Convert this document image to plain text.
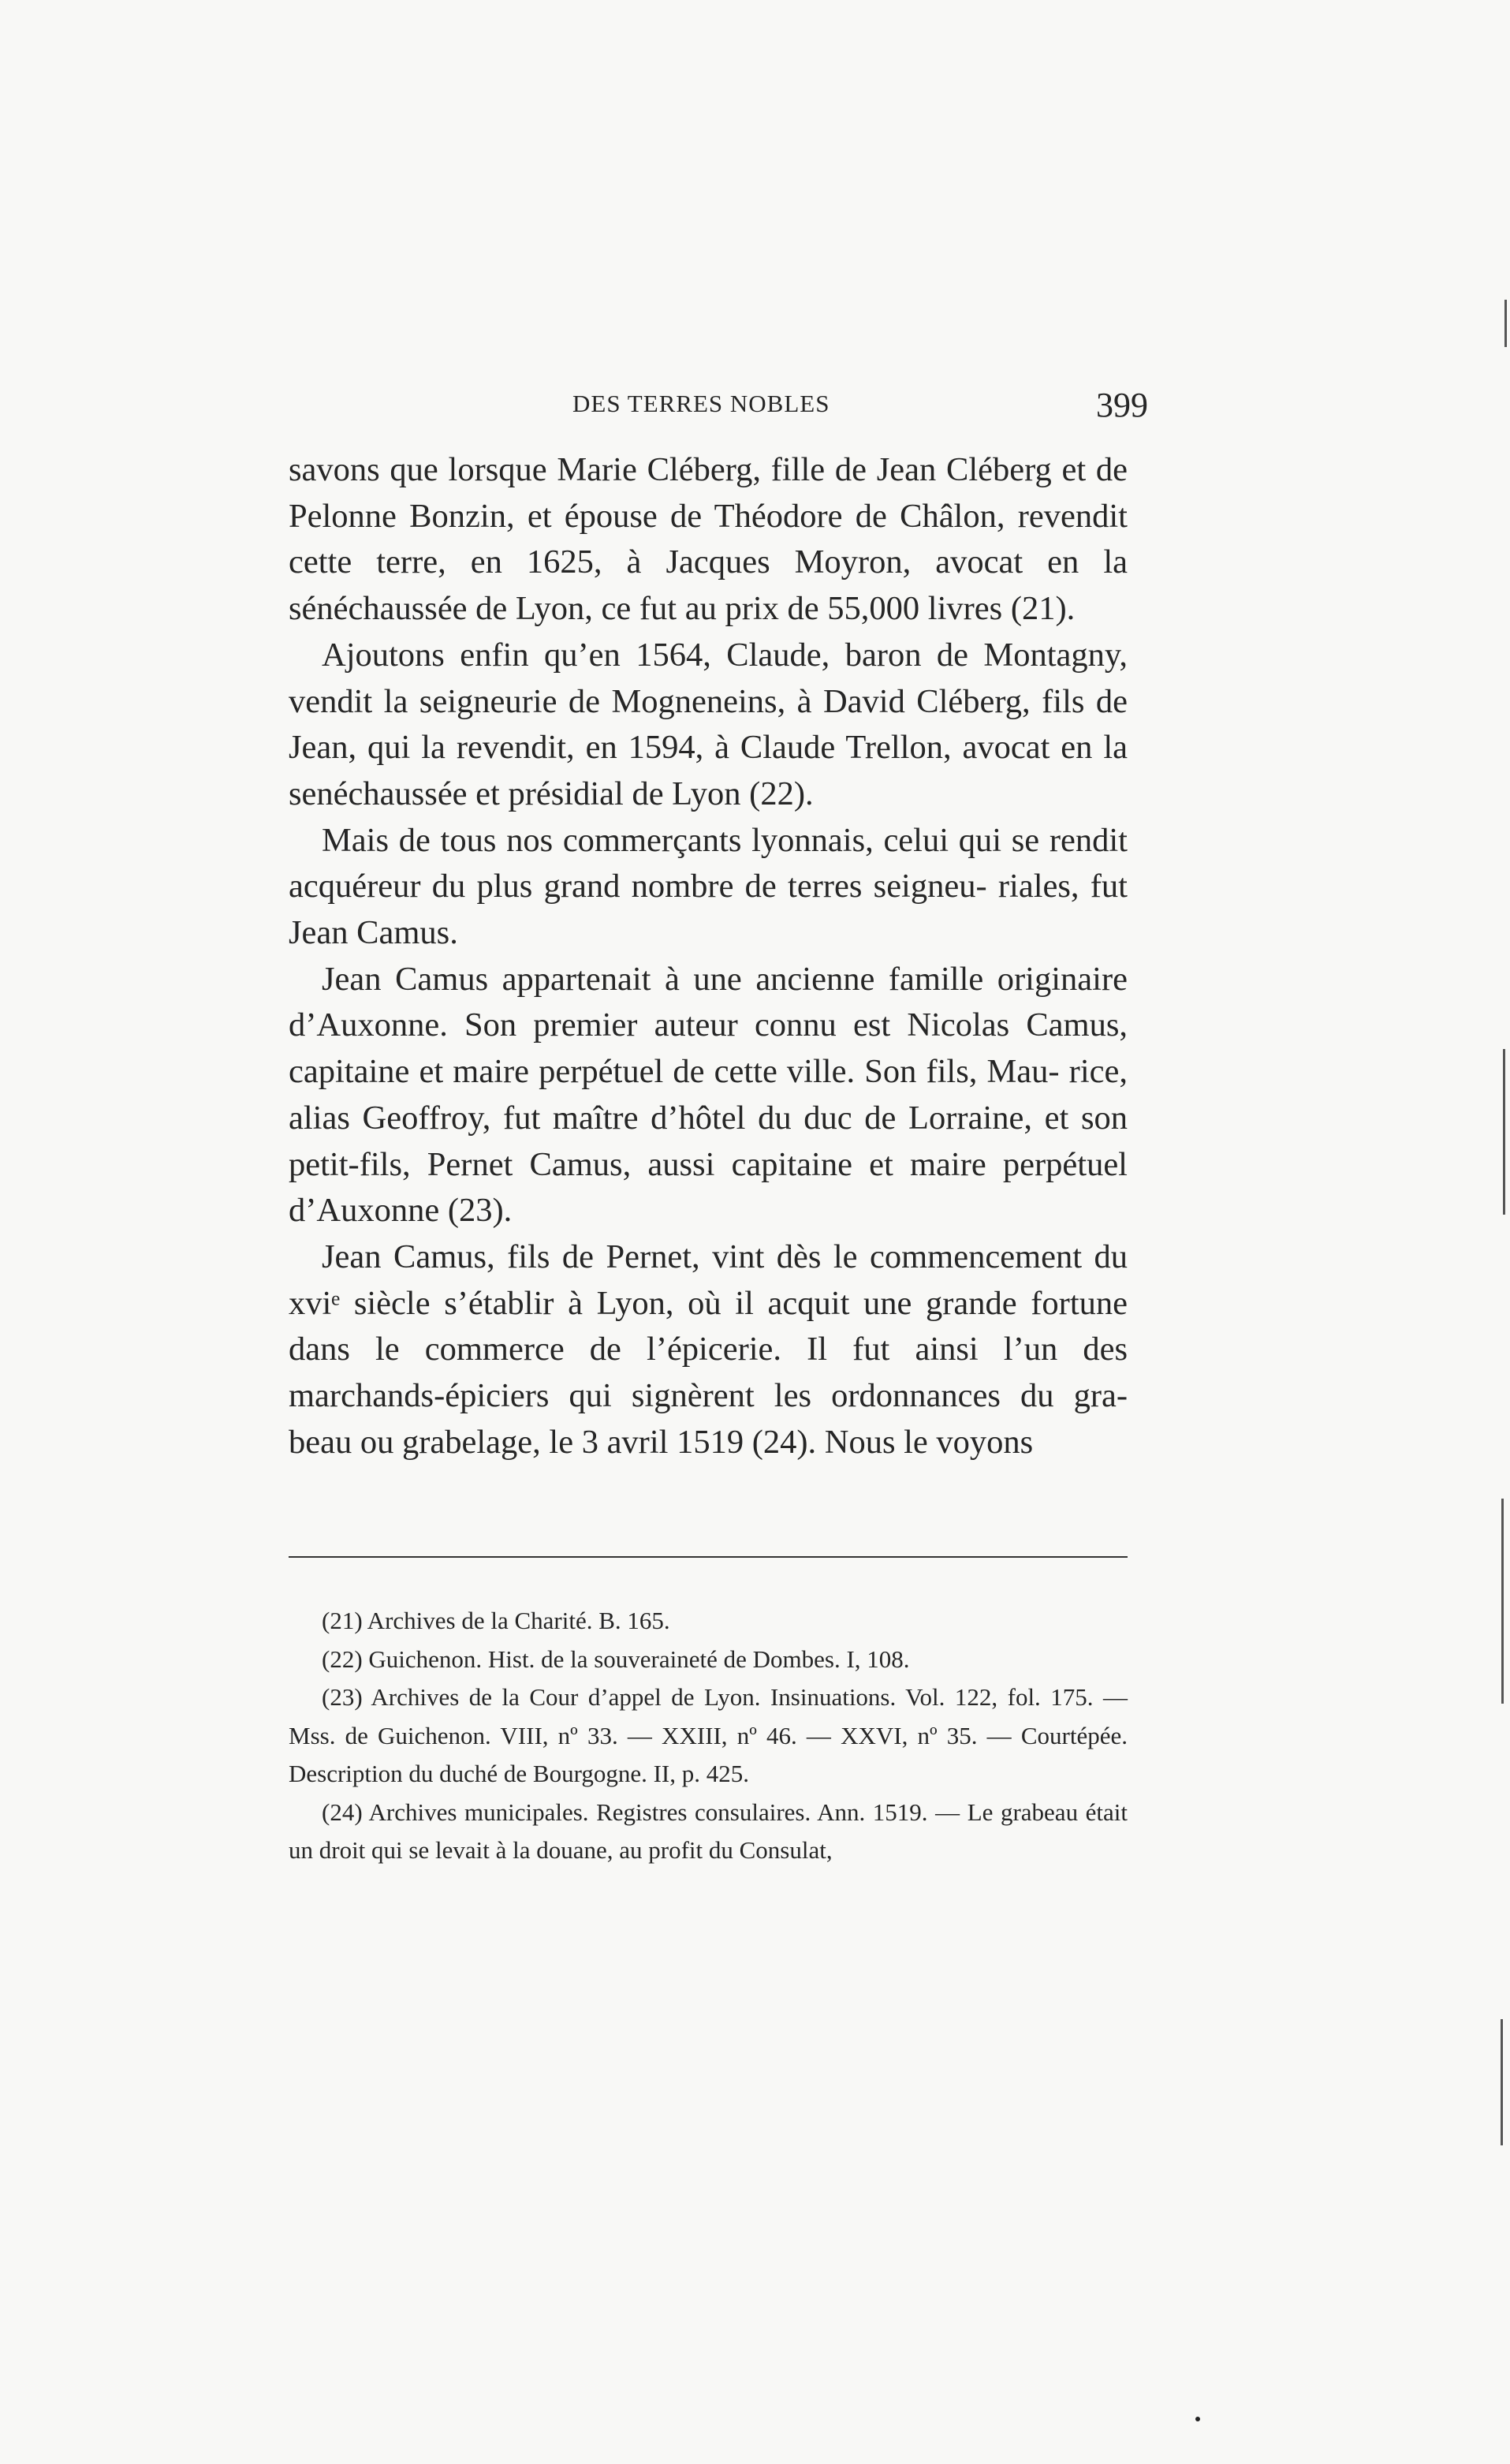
DES TERRES NOBLES	399

savons que lorsque Marie Cléberg, fille de Jean Cléberg et de Pelonne Bonzin, et épouse de Théodore de Châlon, revendit cette terre, en 1625, à Jacques Moyron, avocat en la sénéchaussée de Lyon, ce fut au prix de 55,000 livres (21).

Ajoutons enfin qu’en 1564, Claude, baron de Montagny, vendit la seigneurie de Mogneneins, à David Cléberg, fils de Jean, qui la revendit, en 1594, à Claude Trellon, avocat en la senéchaussée et présidial de Lyon (22).

Mais de tous nos commerçants lyonnais, celui qui se rendit acquéreur du plus grand nombre de terres seigneu- riales, fut Jean Camus.

Jean Camus appartenait à une ancienne famille originaire d’Auxonne. Son premier auteur connu est Nicolas Camus, capitaine et maire perpétuel de cette ville. Son fils, Mau- rice, alias Geoffroy, fut maître d’hôtel du duc de Lorraine, et son petit-fils, Pernet Camus, aussi capitaine et maire perpétuel d’Auxonne (23).

Jean Camus, fils de Pernet, vint dès le commencement du xviᵉ siècle s’établir à Lyon, où il acquit une grande fortune dans le commerce de l’épicerie. Il fut ainsi l’un des marchands-épiciers qui signèrent les ordonnances du gra- beau ou grabelage, le 3 avril 1519 (24). Nous le voyons

(21) Archives de la Charité. B. 165.

(22) Guichenon. Hist. de la souveraineté de Dombes. I, 108.

(23) Archives de la Cour d’appel de Lyon. Insinuations. Vol. 122, fol. 175. — Mss. de Guichenon. VIII, nº 33. — XXIII, nº 46. — XXVI, nº 35. — Courtépée. Description du duché de Bourgogne. II, p. 425.

(24) Archives municipales. Registres consulaires. Ann. 1519. — Le grabeau était un droit qui se levait à la douane, au profit du Consulat,
